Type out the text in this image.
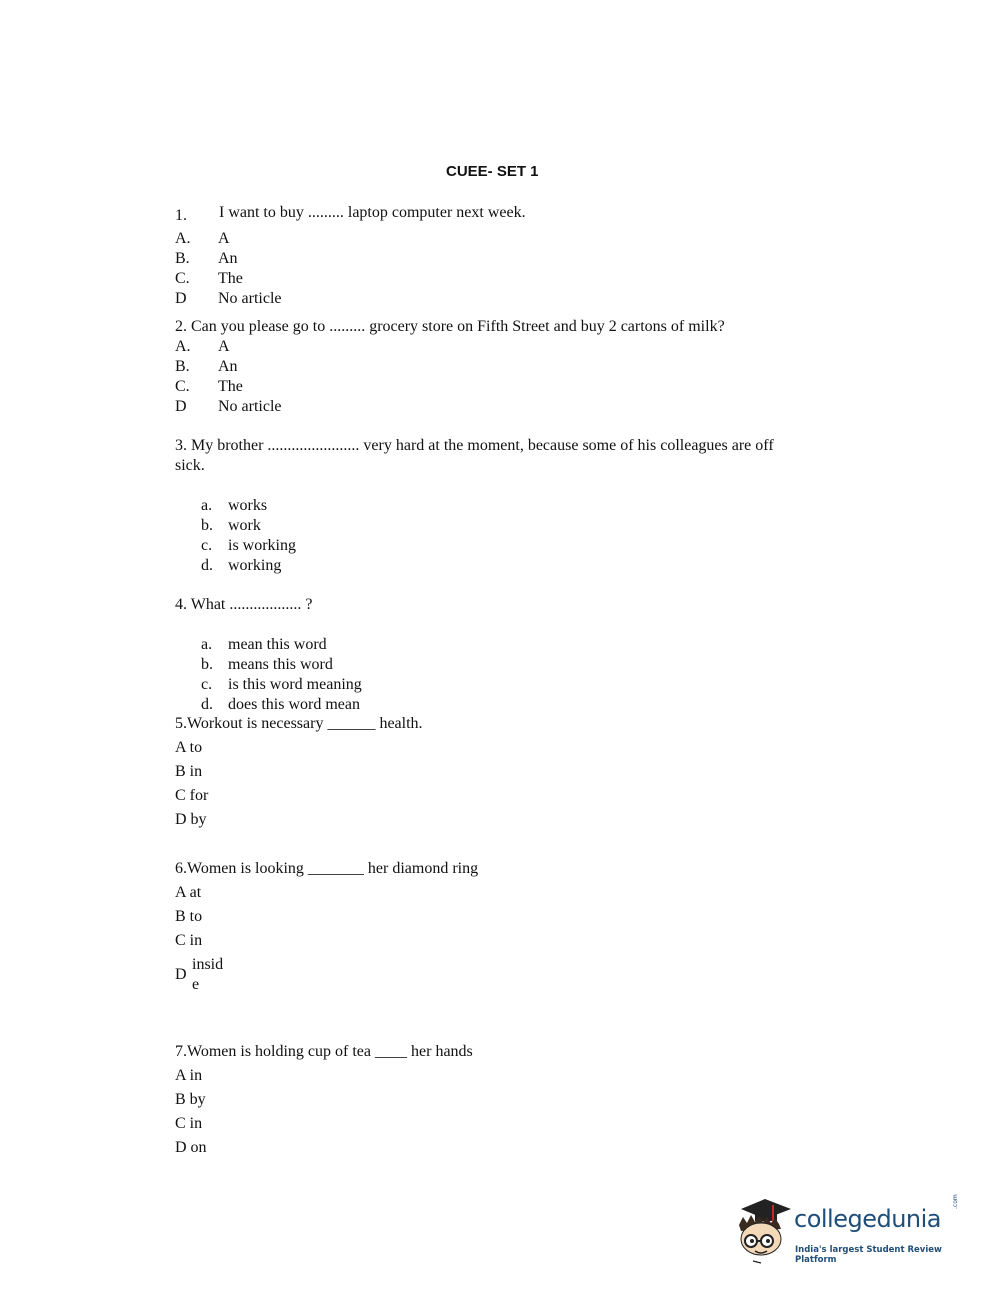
CUEE- SET 1
1. I want to buy ......... laptop computer next week.
A. A
B. An
C. The
D No article
2. Can you please go to ......... grocery store on Fifth Street and buy 2 cartons of milk?
A. A
B. An
C. The
D No article
3. My brother ....................... very hard at the moment, because some of his colleagues are off
sick.
a. works
b. work
c. is working
d. working
4. What .................. ?
a. mean this word
b. means this word
c. is this word meaning
d. does this word mean
5.Workout is necessary ______ health.
A to
B in
C for
D by
6.Women is looking _______ her diamond ring
A at
B to
C in
D
insid
e
7.Women is holding cup of tea ____ her hands
A in
B by
C in
D on
collegedunia
.com
India's largest Student Review Platform
